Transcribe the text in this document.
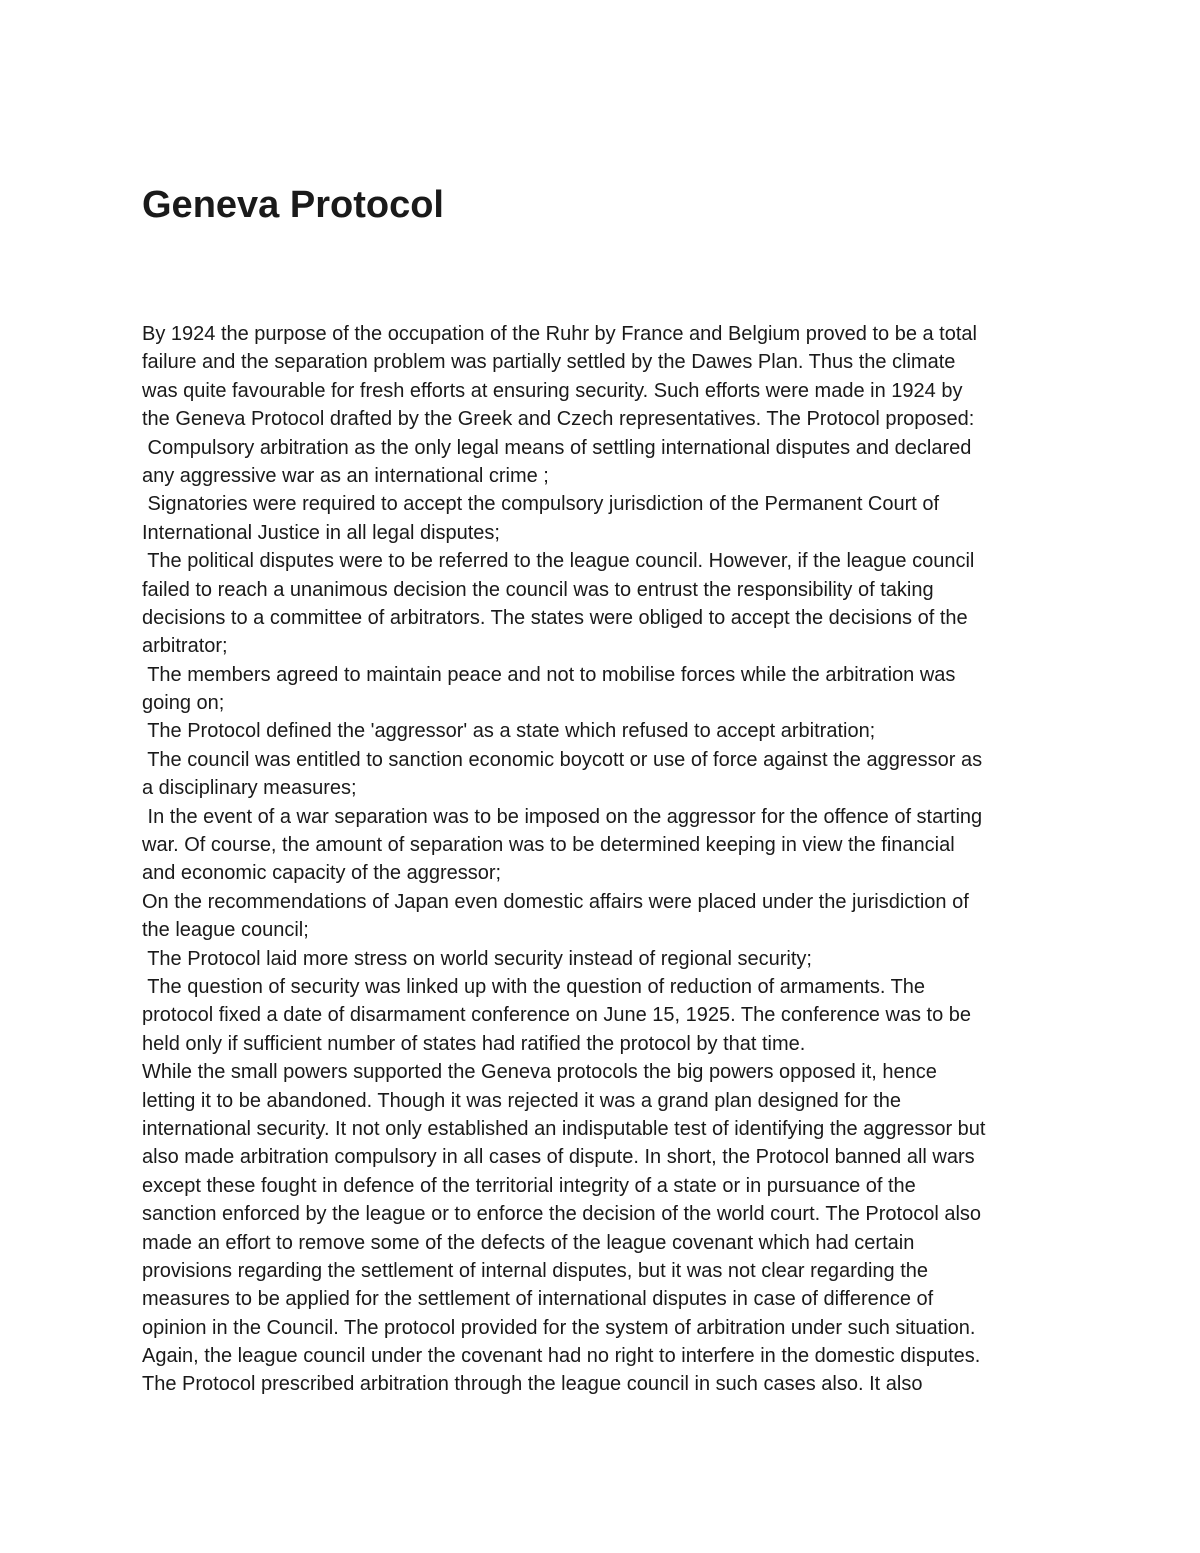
Geneva Protocol
By 1924 the purpose of the occupation of the Ruhr by France and Belgium proved to be a total
failure and the separation problem was partially settled by the Dawes Plan. Thus the climate
was quite favourable for fresh efforts at ensuring security. Such efforts were made in 1924 by
the Geneva Protocol drafted by the Greek and Czech representatives. The Protocol proposed:
Compulsory arbitration as the only legal means of settling international disputes and declared
any aggressive war as an international crime ;
Signatories were required to accept the compulsory jurisdiction of the Permanent Court of
International Justice in all legal disputes;
The political disputes were to be referred to the league council. However, if the league council
failed to reach a unanimous decision the council was to entrust the responsibility of taking
decisions to a committee of arbitrators. The states were obliged to accept the decisions of the
arbitrator;
The members agreed to maintain peace and not to mobilise forces while the arbitration was
going on;
The Protocol defined the 'aggressor' as a state which refused to accept arbitration;
The council was entitled to sanction economic boycott or use of force against the aggressor as
a disciplinary measures;
In the event of a war separation was to be imposed on the aggressor for the offence of starting
war. Of course, the amount of separation was to be determined keeping in view the financial
and economic capacity of the aggressor;
On the recommendations of Japan even domestic affairs were placed under the jurisdiction of
the league council;
The Protocol laid more stress on world security instead of regional security;
The question of security was linked up with the question of reduction of armaments. The
protocol fixed a date of disarmament conference on June 15, 1925. The conference was to be
held only if sufficient number of states had ratified the protocol by that time.
While the small powers supported the Geneva protocols the big powers opposed it, hence
letting it to be abandoned. Though it was rejected it was a grand plan designed for the
international security. It not only established an indisputable test of identifying the aggressor but
also made arbitration compulsory in all cases of dispute. In short, the Protocol banned all wars
except these fought in defence of the territorial integrity of a state or in pursuance of the
sanction enforced by the league or to enforce the decision of the world court. The Protocol also
made an effort to remove some of the defects of the league covenant which had certain
provisions regarding the settlement of internal disputes, but it was not clear regarding the
measures to be applied for the settlement of international disputes in case of difference of
opinion in the Council. The protocol provided for the system of arbitration under such situation.
Again, the league council under the covenant had no right to interfere in the domestic disputes.
The Protocol prescribed arbitration through the league council in such cases also. It also
